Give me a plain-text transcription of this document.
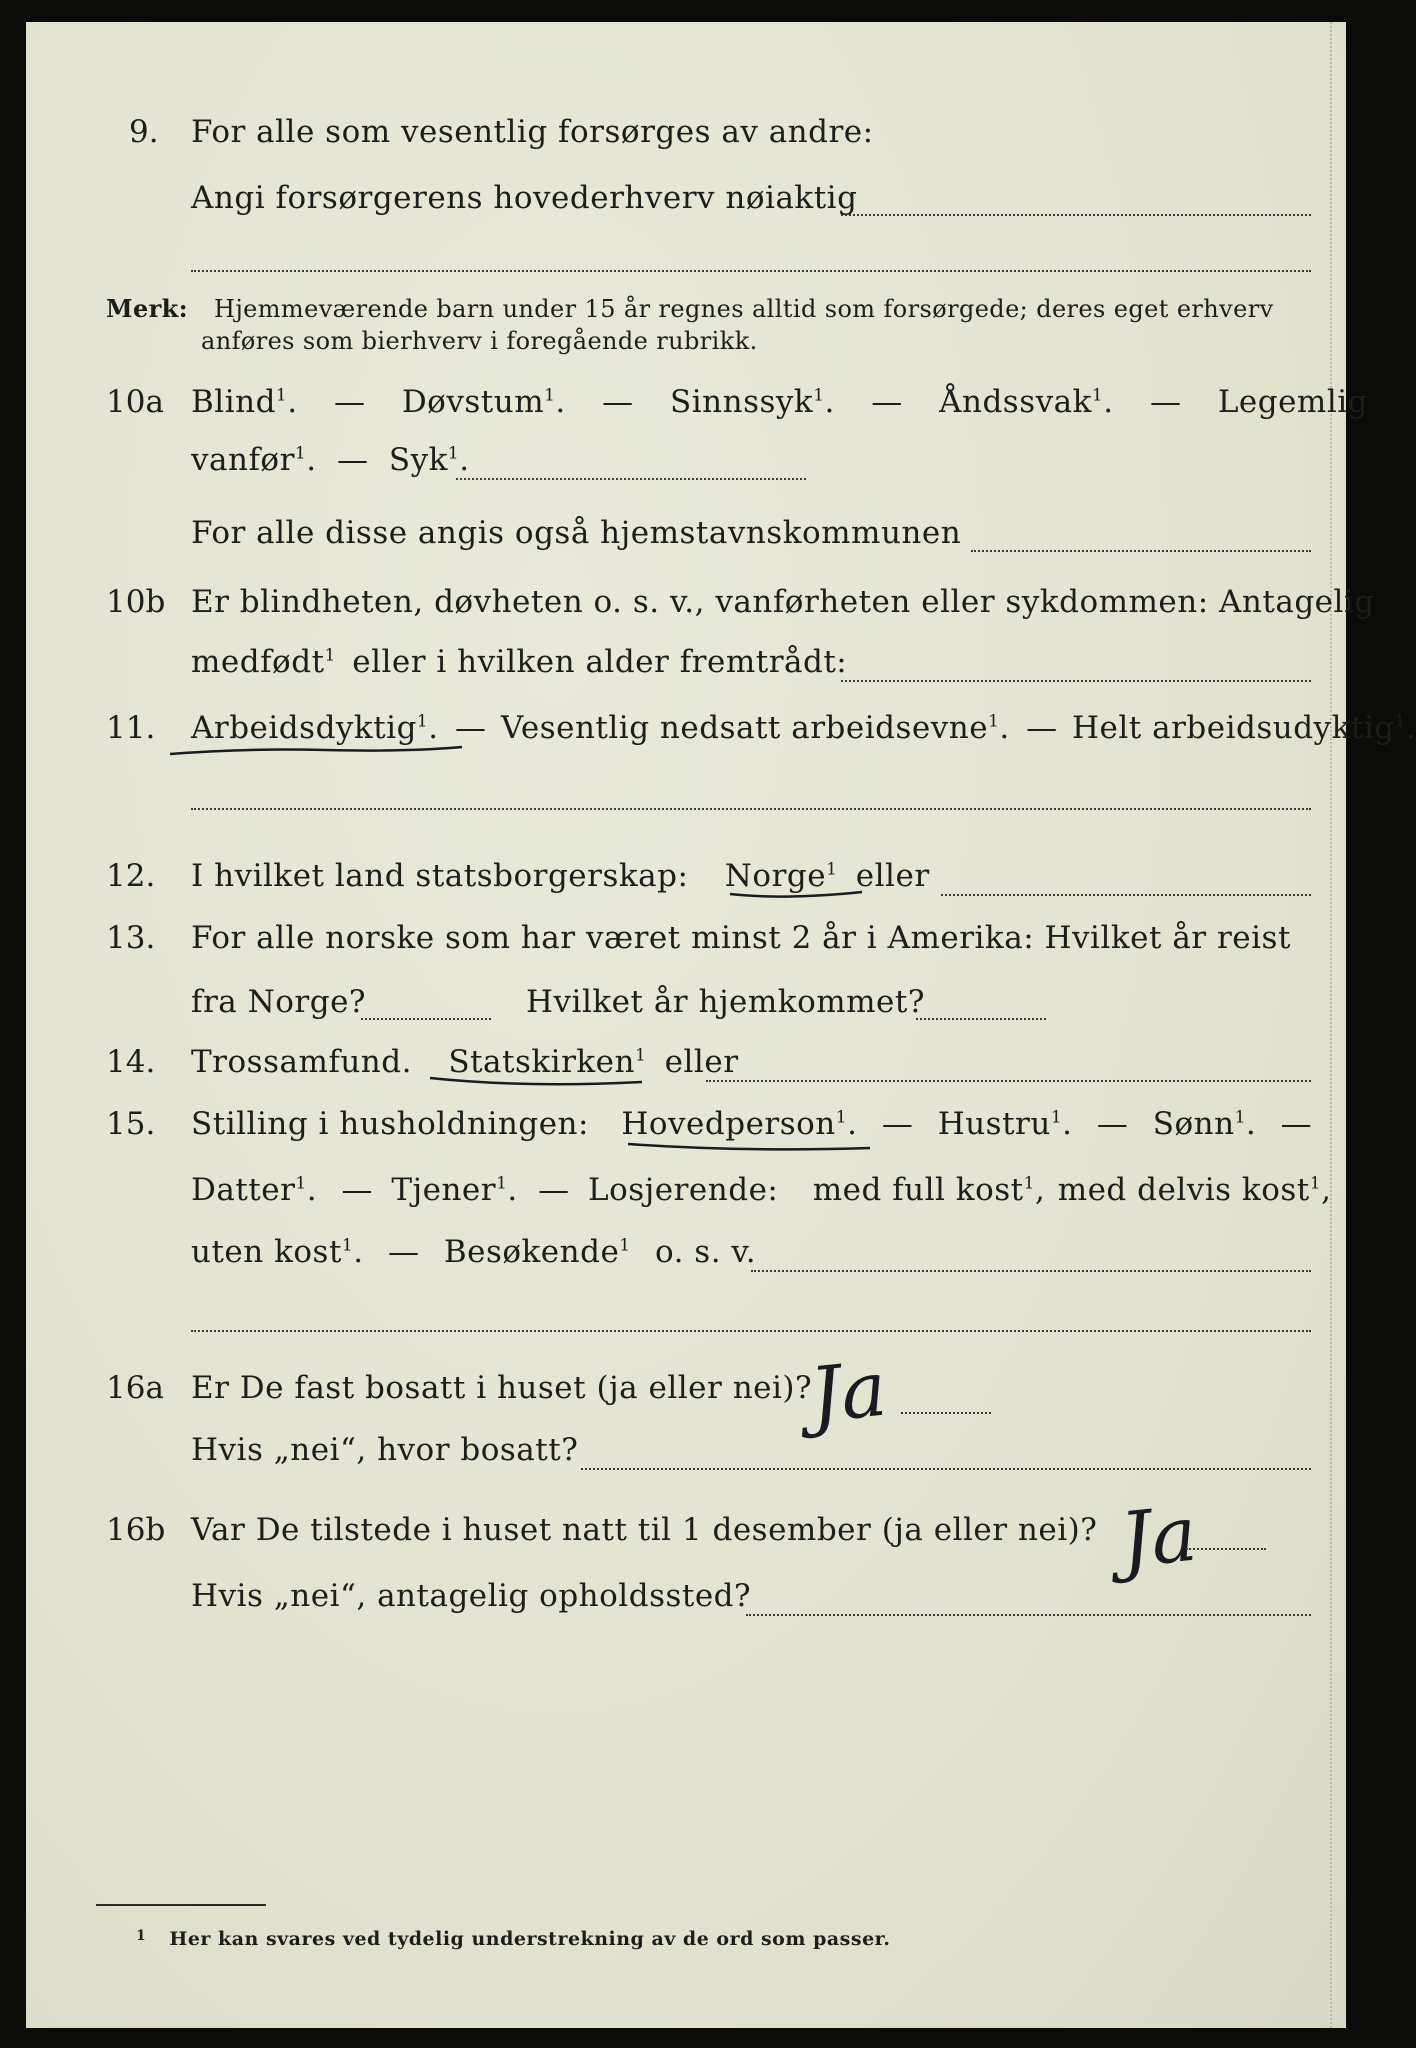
9. For alle som vesentlig forsørges av andre:
Angi forsørgerens hovederhverv nøiaktig
Merk: Hjemmeværende barn under 15 år regnes alltid som forsørgede; deres eget erhverv
anføres som bierhverv i foregående rubrikk.
10a Blind$^1$. — Døvstum$^1$. — Sinnssyk$^1$. — Åndssvak$^1$. — Legemlig
vanfør$^1$. — Syk$^1$.
For alle disse angis også hjemstavnskommunen
10b Er blindheten, døvheten o. s. v., vanførheten eller sykdommen: Antagelig
medfødt$^1$ eller i hvilken alder fremtrådt:
11. Arbeidsdyktig$^1$. — Vesentlig nedsatt arbeidsevne$^1$. — Helt arbeidsudyktig$^1$.
12. I hvilket land statsborgerskap: Norge$^1$ eller
13. For alle norske som har været minst 2 år i Amerika: Hvilket år reist
fra Norge?	Hvilket år hjemkommet?
14. Trossamfund. Statskirken$^1$ eller
15. Stilling i husholdningen: Hovedperson$^1$. — Hustru$^1$. — Sønn$^1$. —
Datter$^1$. — Tjener$^1$. — Losjerende: med full kost$^1$, med delvis kost$^1$,
uten kost$^1$. — Besøkende$^1$ o. s. v.
16a Er De fast bosatt i huset (ja eller nei)?
Ja
Hvis „nei“, hvor bosatt?
16b Var De tilstede i huset natt til 1 desember (ja eller nei)? Ja
Hvis „nei“, antagelig opholdssted?
$^1$ Her kan svares ved tydelig understrekning av de ord som passer.
